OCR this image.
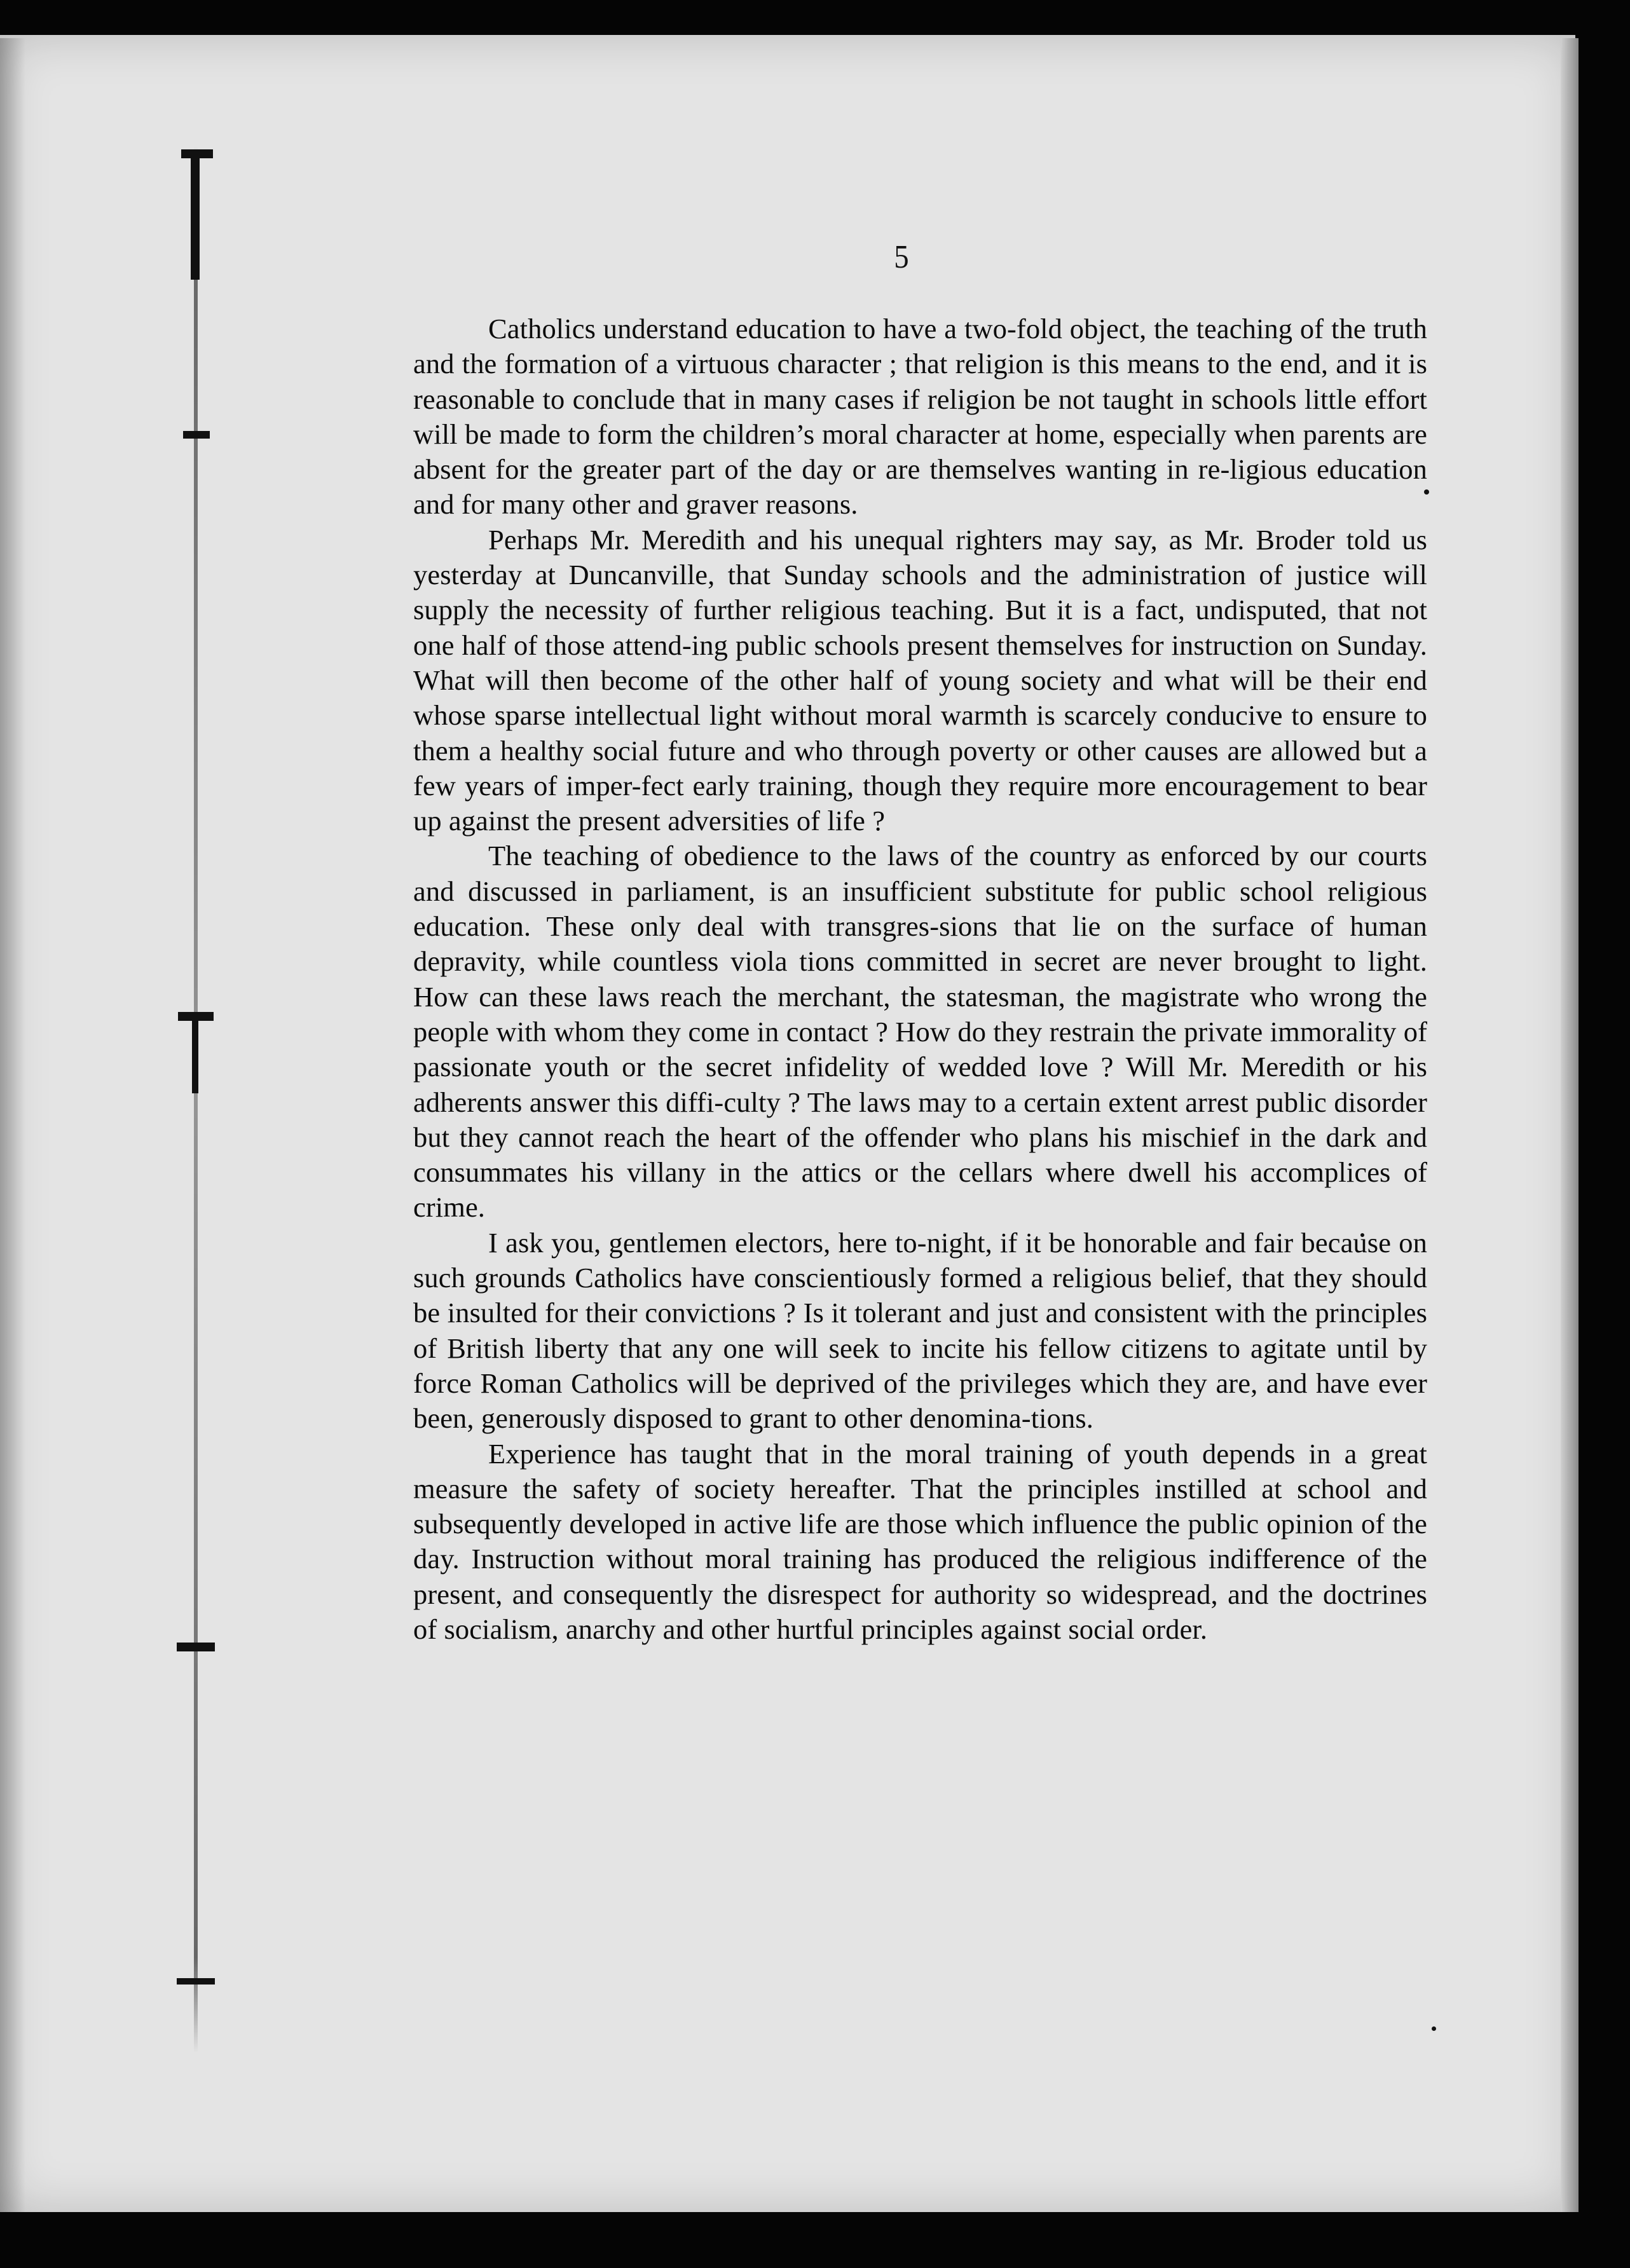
5

Catholics understand education to have a two-fold object, the teaching of the truth and the formation of a virtuous character ; that religion is this means to the end, and it is reasonable to conclude that in many cases if religion be not taught in schools little effort will be made to form the children’s moral character at home, especially when parents are absent for the greater part of the day or are themselves wanting in re-ligious education and for many other and graver reasons.

Perhaps Mr. Meredith and his unequal righters may say, as Mr. Broder told us yesterday at Duncanville, that Sunday schools and the administration of justice will supply the necessity of further religious teaching. But it is a fact, undisputed, that not one half of those attend-ing public schools present themselves for instruction on Sunday. What will then become of the other half of young society and what will be their end whose sparse intellectual light without moral warmth is scarcely conducive to ensure to them a healthy social future and who through poverty or other causes are allowed but a few years of imper-fect early training, though they require more encouragement to bear up against the present adversities of life ?

The teaching of obedience to the laws of the country as enforced by our courts and discussed in parliament, is an insufficient substitute for public school religious education. These only deal with transgres-sions that lie on the surface of human depravity, while countless viola tions committed in secret are never brought to light. How can these laws reach the merchant, the statesman, the magistrate who wrong the people with whom they come in contact ? How do they restrain the private immorality of passionate youth or the secret infidelity of wedded love ? Will Mr. Meredith or his adherents answer this diffi-culty ? The laws may to a certain extent arrest public disorder but they cannot reach the heart of the offender who plans his mischief in the dark and consummates his villany in the attics or the cellars where dwell his accomplices of crime.

I ask you, gentlemen electors, here to-night, if it be honorable and fair because on such grounds Catholics have conscientiously formed a religious belief, that they should be insulted for their convictions ? Is it tolerant and just and consistent with the principles of British liberty that any one will seek to incite his fellow citizens to agitate until by force Roman Catholics will be deprived of the privileges which they are, and have ever been, generously disposed to grant to other denomina-tions.

Experience has taught that in the moral training of youth depends in a great measure the safety of society hereafter. That the principles instilled at school and subsequently developed in active life are those which influence the public opinion of the day. Instruction without moral training has produced the religious indifference of the present, and consequently the disrespect for authority so widespread, and the doctrines of socialism, anarchy and other hurtful principles against social order.
